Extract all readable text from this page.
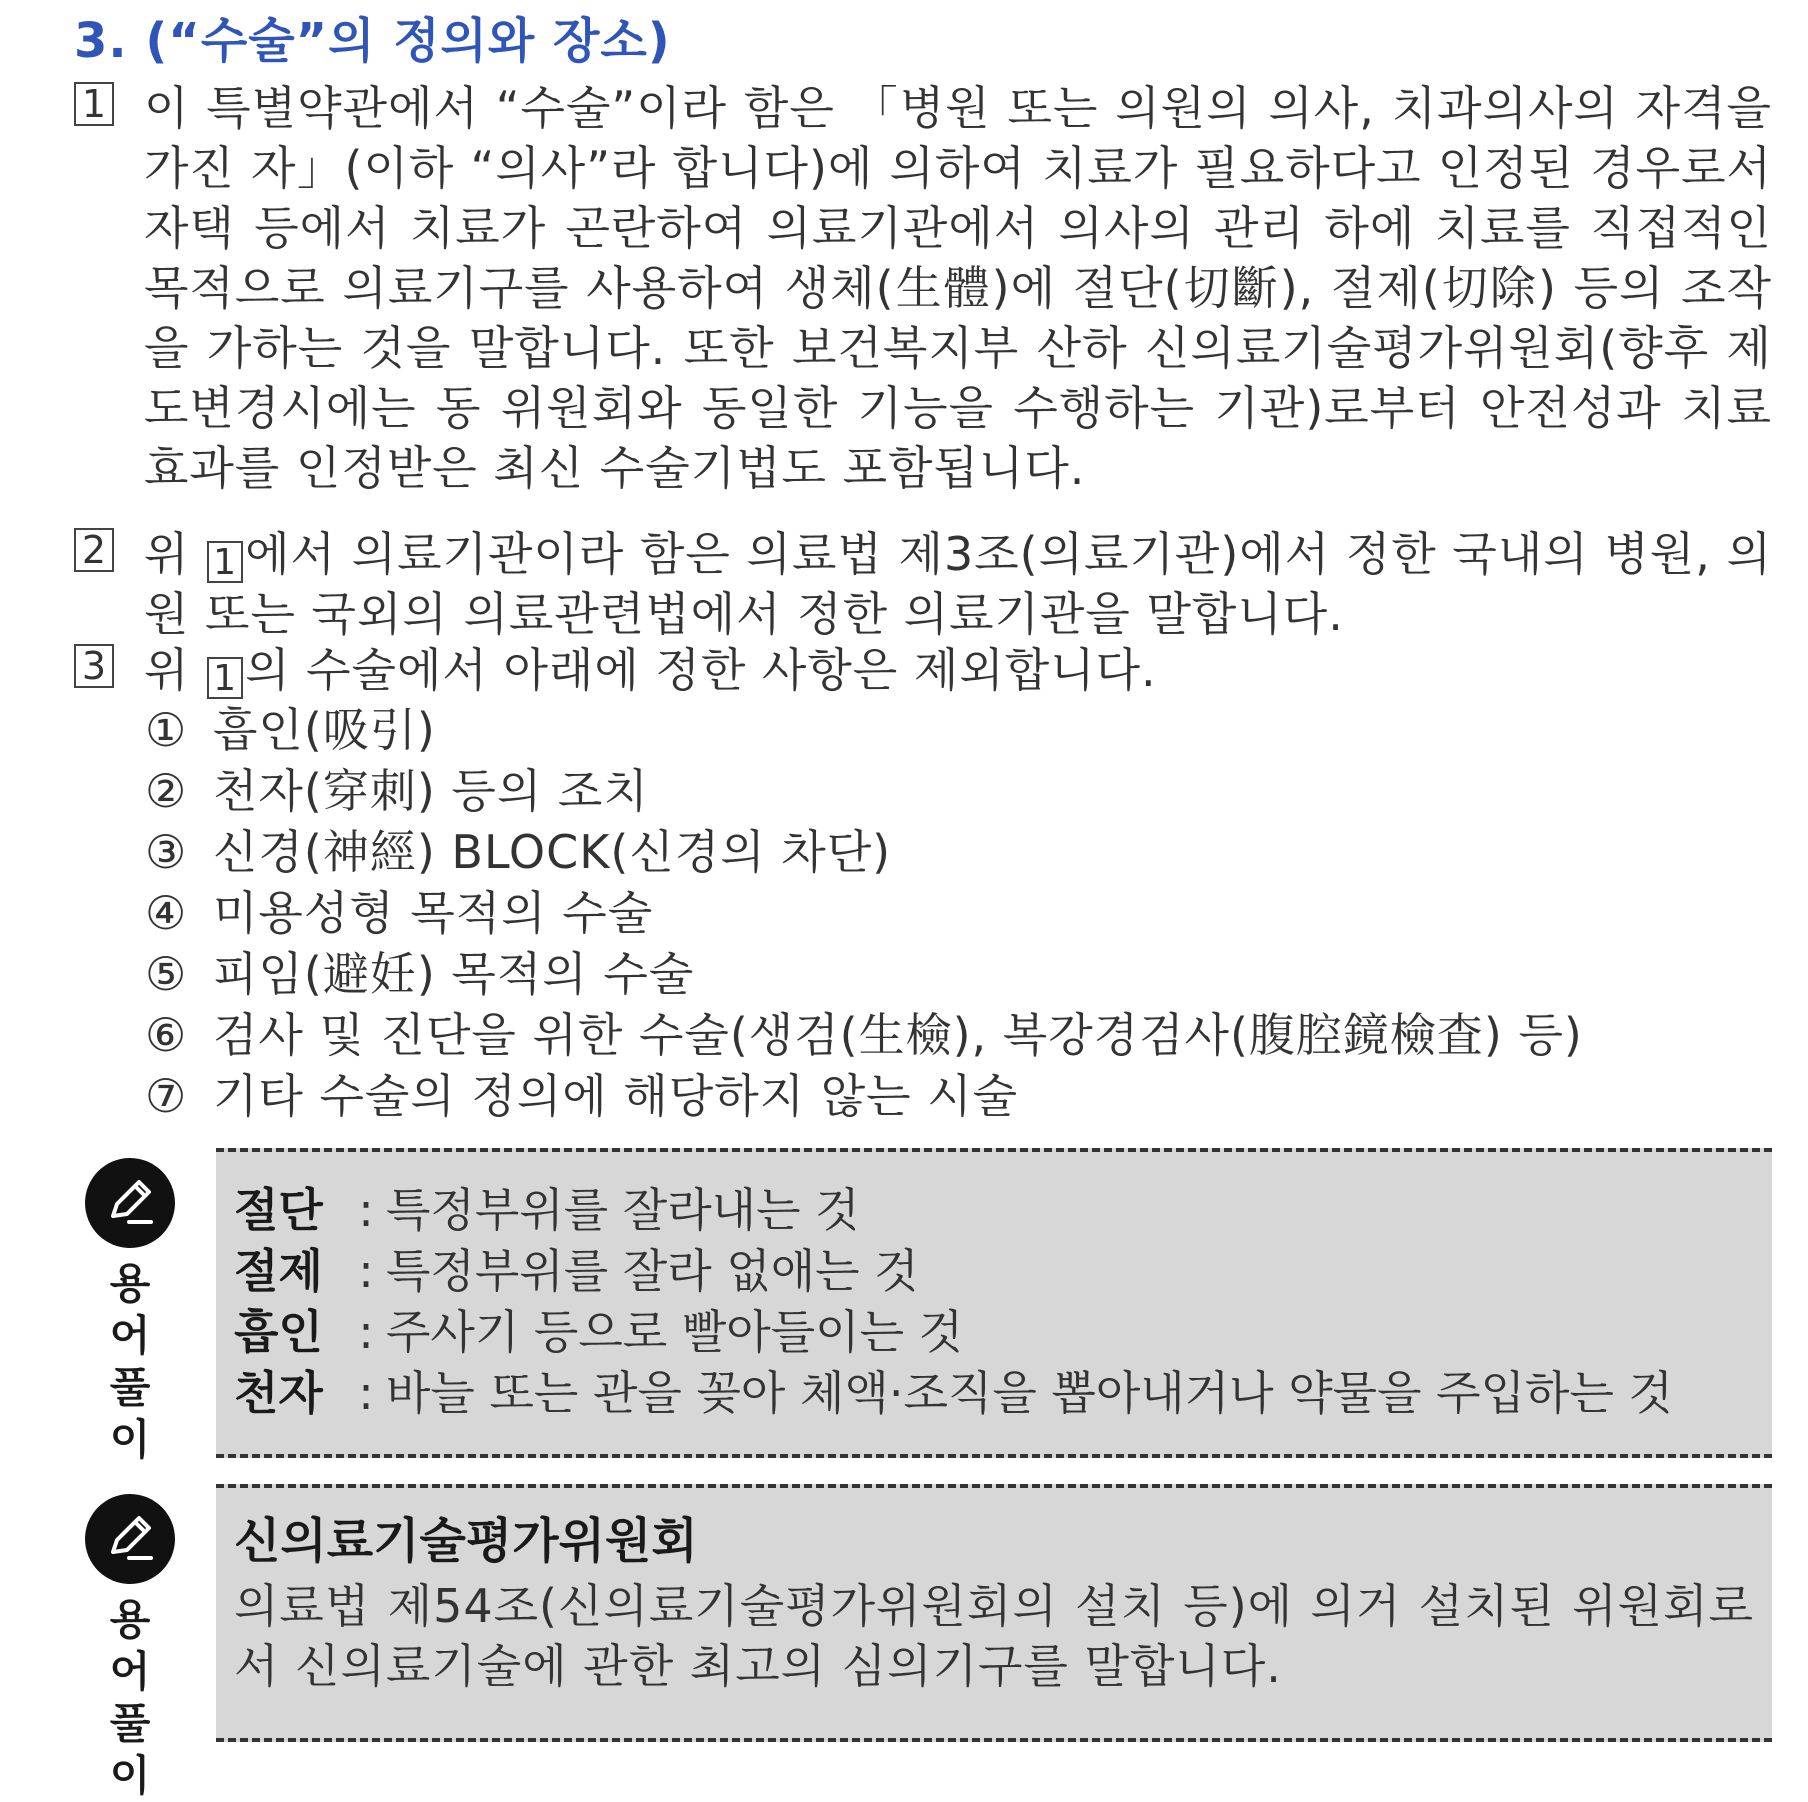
3. (“수술”의 정의와 장소)
1 이 특별약관에서 “수술”이라 함은 「병원 또는 의원의 의사, 치과의사의 자격을 가진 자」(이하 “의사”라 합니다)에 의하여 치료가 필요하다고 인정된 경우로서 자택 등에서 치료가 곤란하여 의료기관에서 의사의 관리 하에 치료를 직접적인 목적으로 의료기구를 사용하여 생체(生體)에 절단(切斷), 절제(切除) 등의 조작을 가하는 것을 말합니다. 또한 보건복지부 산하 신의료기술평가위원회(향후 제도변경시에는 동 위원회와 동일한 기능을 수행하는 기관)로부터 안전성과 치료효과를 인정받은 최신 수술기법도 포함됩니다.
2 위 1 에서 의료기관이라 함은 의료법 제3조(의료기관)에서 정한 국내의 병원, 의원 또는 국외의 의료관련법에서 정한 의료기관을 말합니다.
3 위 1 의 수술에서 아래에 정한 사항은 제외합니다.
① 흡인(吸引)
② 천자(穿刺) 등의 조치
③ 신경(神經) BLOCK(신경의 차단)
④ 미용성형 목적의 수술
⑤ 피임(避妊) 목적의 수술
⑥ 검사 및 진단을 위한 수술(생검(生檢), 복강경검사(腹腔鏡檢査) 등)
⑦ 기타 수술의 정의에 해당하지 않는 시술
용어풀이
절단 : 특정부위를 잘라내는 것
절제 : 특정부위를 잘라 없애는 것
흡인 : 주사기 등으로 빨아들이는 것
천자 : 바늘 또는 관을 꽂아 체액·조직을 뽑아내거나 약물을 주입하는 것
용어풀이
신의료기술평가위원회
의료법 제54조(신의료기술평가위원회의 설치 등)에 의거 설치된 위원회로서 신의료기술에 관한 최고의 심의기구를 말합니다.
